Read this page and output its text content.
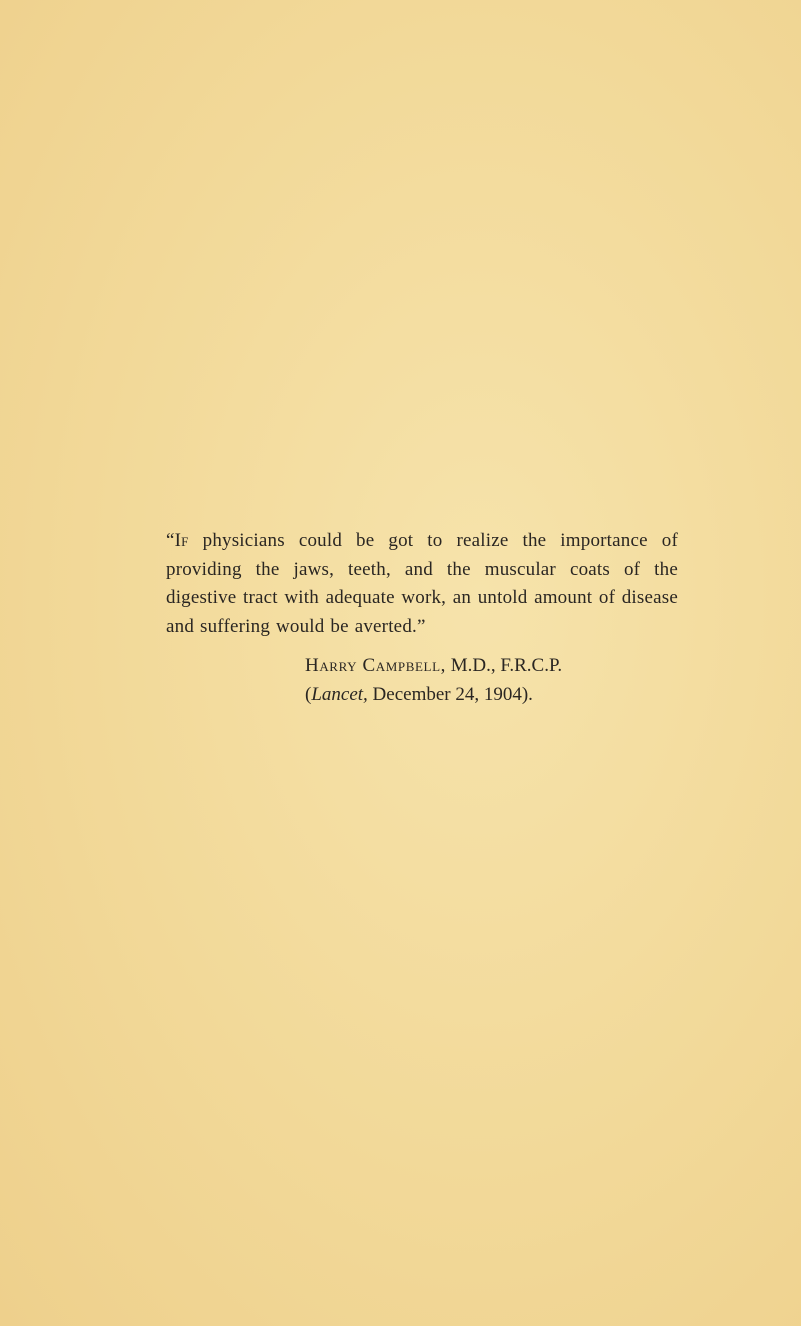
“If physicians could be got to realize the importance of providing the jaws, teeth, and the muscular coats of the digestive tract with adequate work, an untold amount of disease and suffering would be averted.”

Harry Campbell, M.D., F.R.C.P.
(Lancet, December 24, 1904).
